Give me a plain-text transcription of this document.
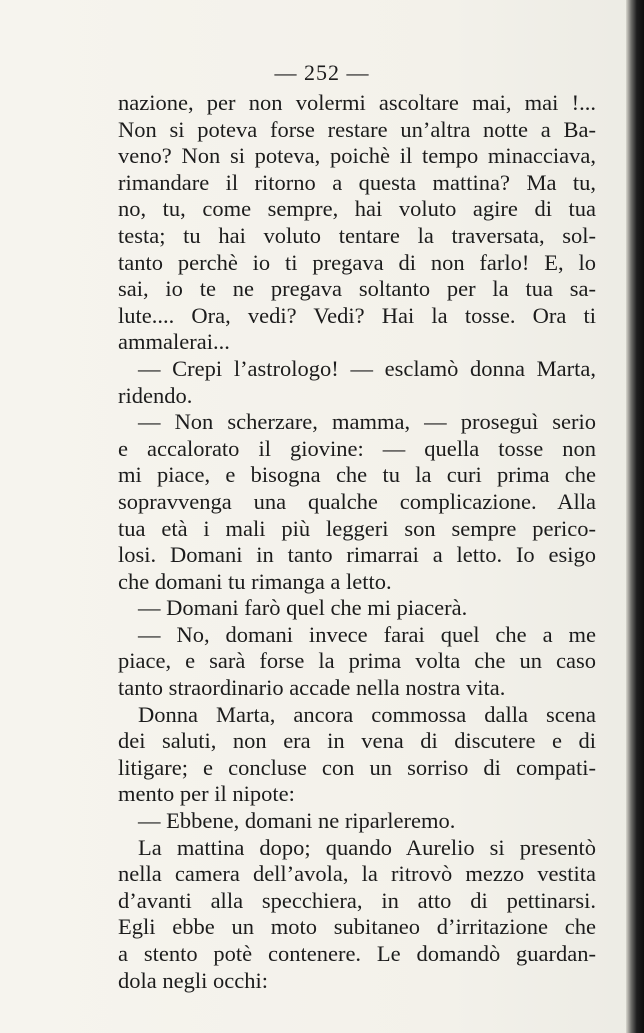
— 252 —
nazione, per non volermi ascoltare mai, mai !...
Non si poteva forse restare un’altra notte a Ba-
veno? Non si poteva, poichè il tempo minacciava,
rimandare il ritorno a questa mattina? Ma tu,
no, tu, come sempre, hai voluto agire di tua
testa; tu hai voluto tentare la traversata, sol-
tanto perchè io ti pregava di non farlo! E, lo
sai, io te ne pregava soltanto per la tua sa-
lute.... Ora, vedi? Vedi? Hai la tosse. Ora ti
ammalerai...
— Crepi l’astrologo! — esclamò donna Marta,
ridendo.
— Non scherzare, mamma, — proseguì serio
e accalorato il giovine: — quella tosse non
mi piace, e bisogna che tu la curi prima che
sopravvenga una qualche complicazione. Alla
tua età i mali più leggeri son sempre perico-
losi. Domani in tanto rimarrai a letto. Io esigo
che domani tu rimanga a letto.
— Domani farò quel che mi piacerà.
— No, domani invece farai quel che a me
piace, e sarà forse la prima volta che un caso
tanto straordinario accade nella nostra vita.
Donna Marta, ancora commossa dalla scena
dei saluti, non era in vena di discutere e di
litigare; e concluse con un sorriso di compati-
mento per il nipote:
— Ebbene, domani ne riparleremo.
La mattina dopo; quando Aurelio si presentò
nella camera dell’avola, la ritrovò mezzo vestita
d’avanti alla specchiera, in atto di pettinarsi.
Egli ebbe un moto subitaneo d’irritazione che
a stento potè contenere. Le domandò guardan-
dola negli occhi:
